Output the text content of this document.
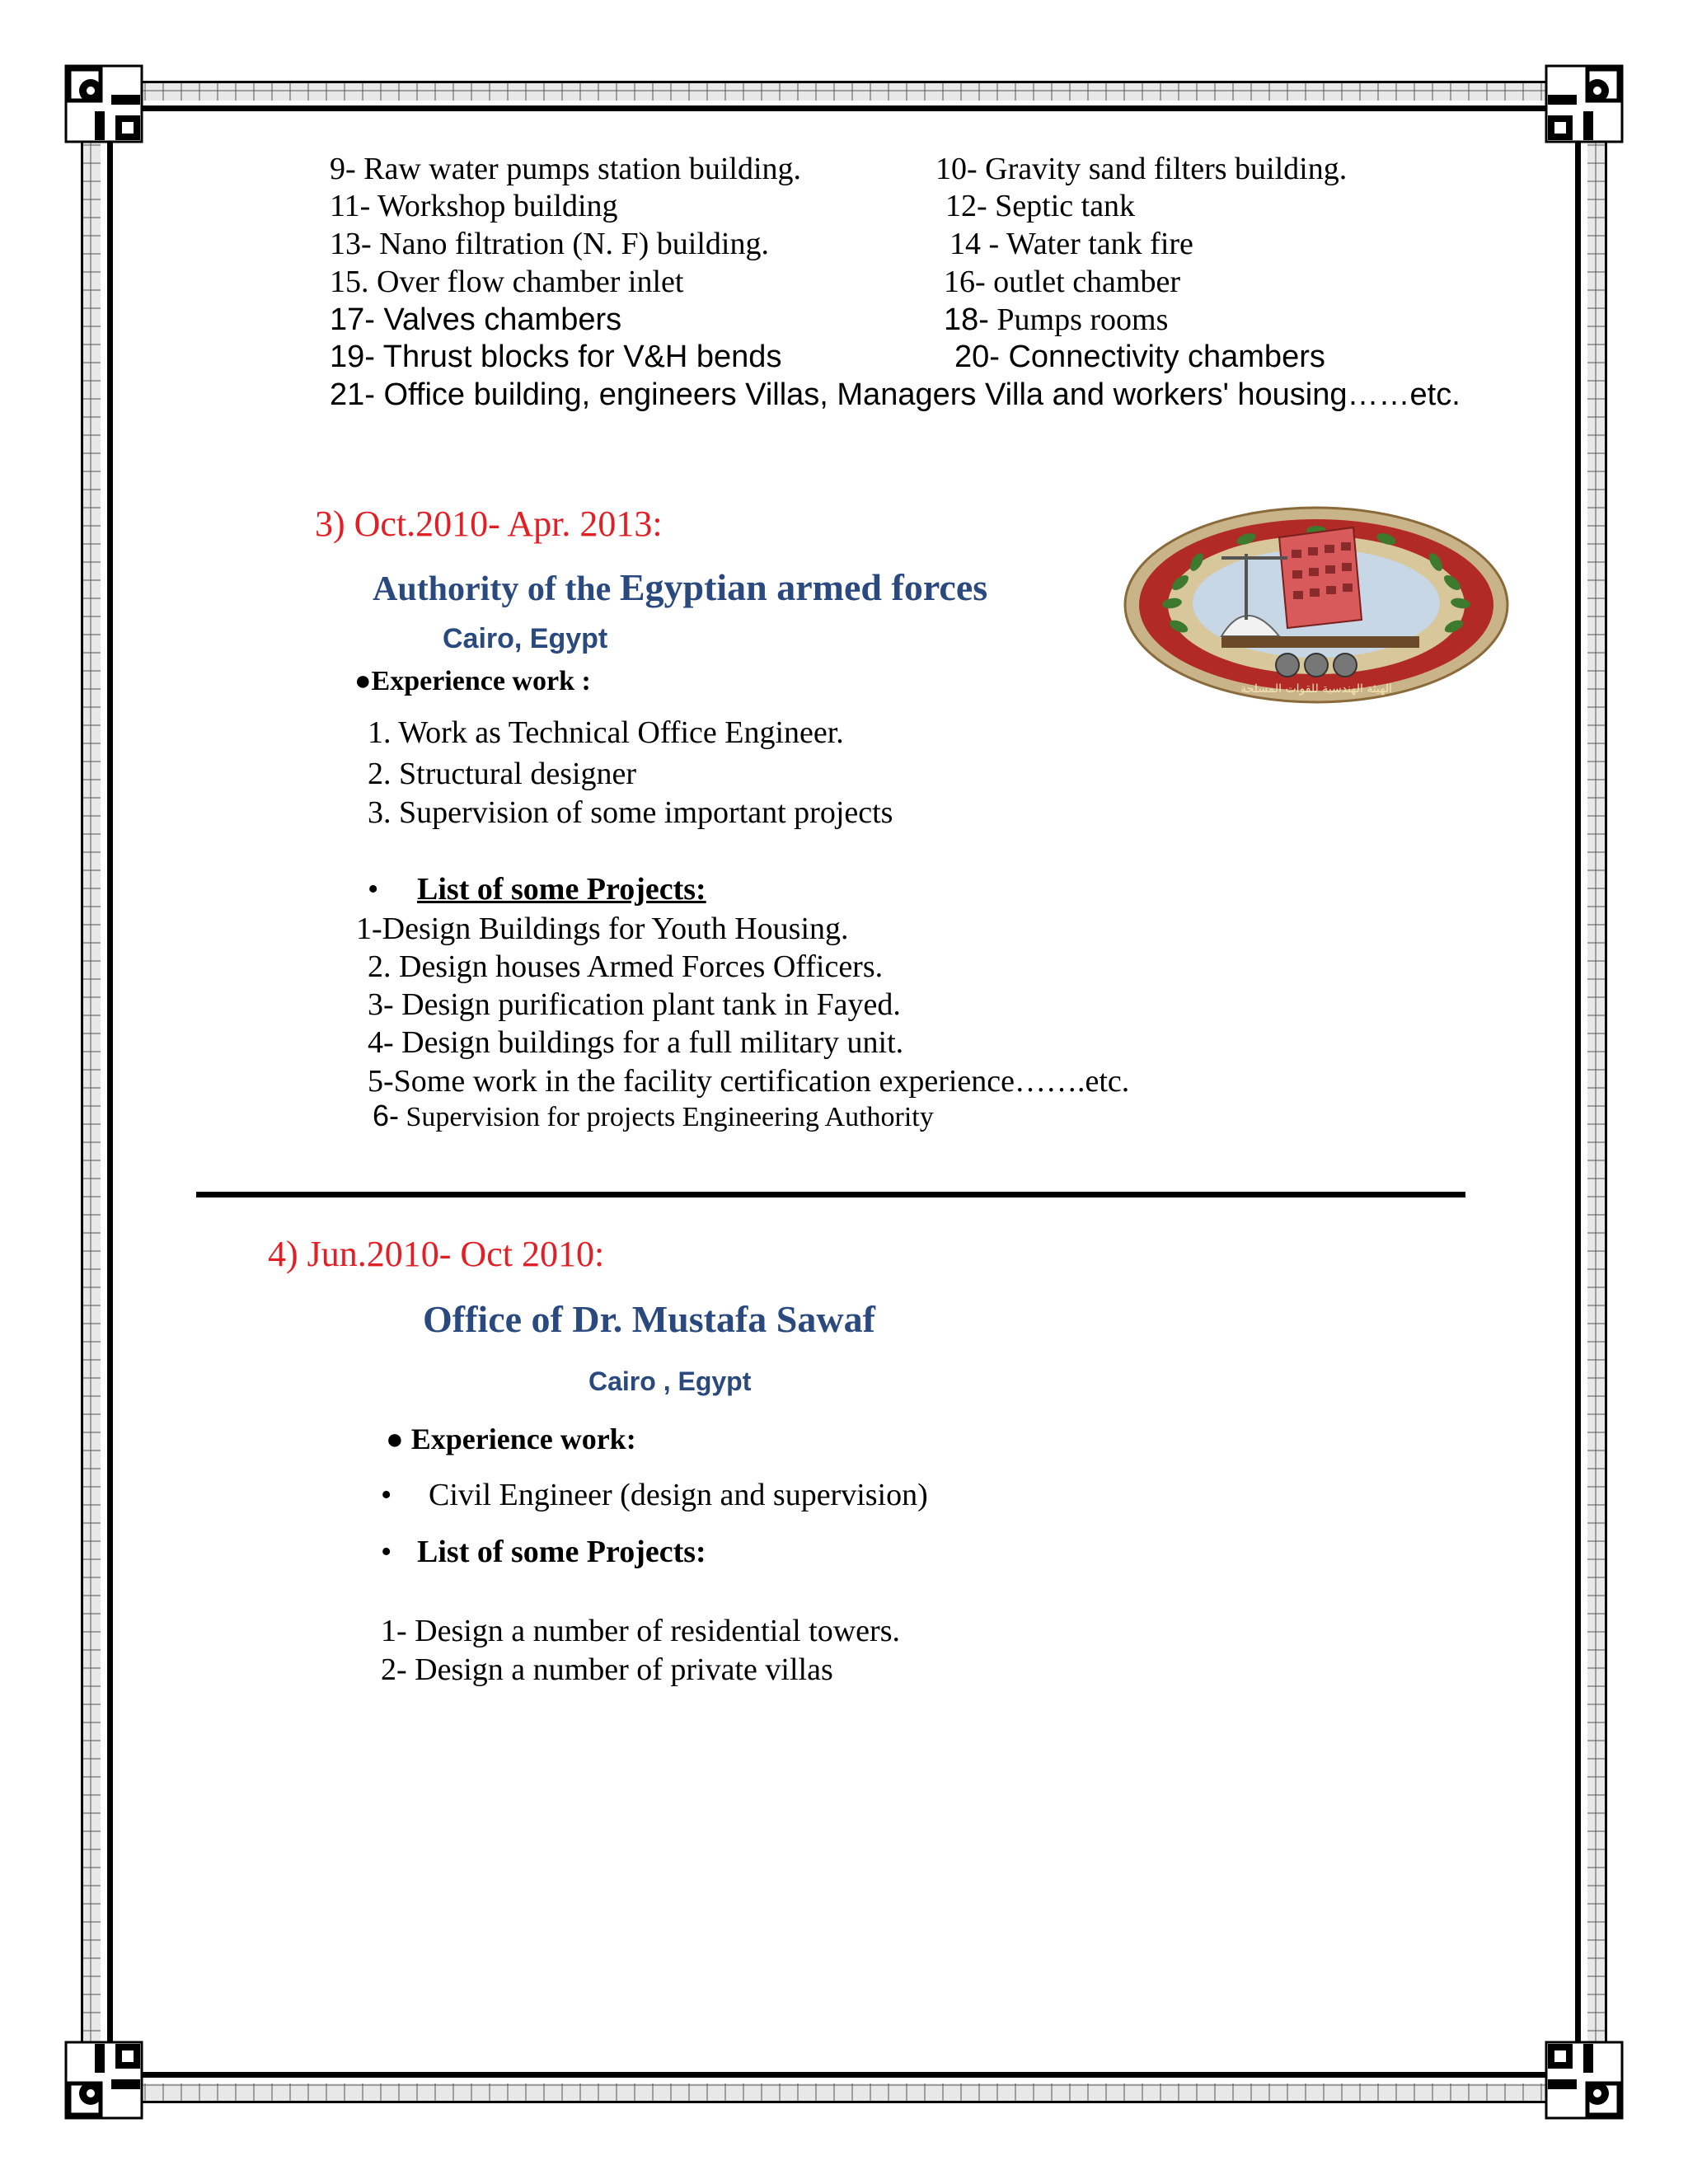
9- Raw water pumps station building.	10- Gravity sand filters building.
11- Workshop building	12- Septic tank
13- Nano filtration (N. F) building.	14 - Water tank fire
15. Over flow chamber inlet	16- outlet chamber
17- Valves chambers	18- Pumps rooms
19- Thrust blocks for V&H bends	20- Connectivity chambers
21- Office building, engineers Villas, Managers Villa and workers' housing……etc.
3) Oct.2010- Apr. 2013:
Authority of the Egyptian armed forces
Cairo, Egypt
●Experience work :
1. Work as Technical Office Engineer.
2. Structural designer
3. Supervision of some important projects
• List of some Projects:
1-Design Buildings for Youth Housing.
2. Design houses Armed Forces Officers.
3- Design purification plant tank in Fayed.
4- Design buildings for a full military unit.
5-Some work in the facility certification experience…….etc.
6- Supervision for projects Engineering Authority
الهيئة الهندسية للقوات المسلحة
4) Jun.2010- Oct 2010:
Office of Dr. Mustafa Sawaf
Cairo , Egypt
● Experience work:
• Civil Engineer (design and supervision)
• List of some Projects:
1- Design a number of residential towers.
2- Design a number of private villas
